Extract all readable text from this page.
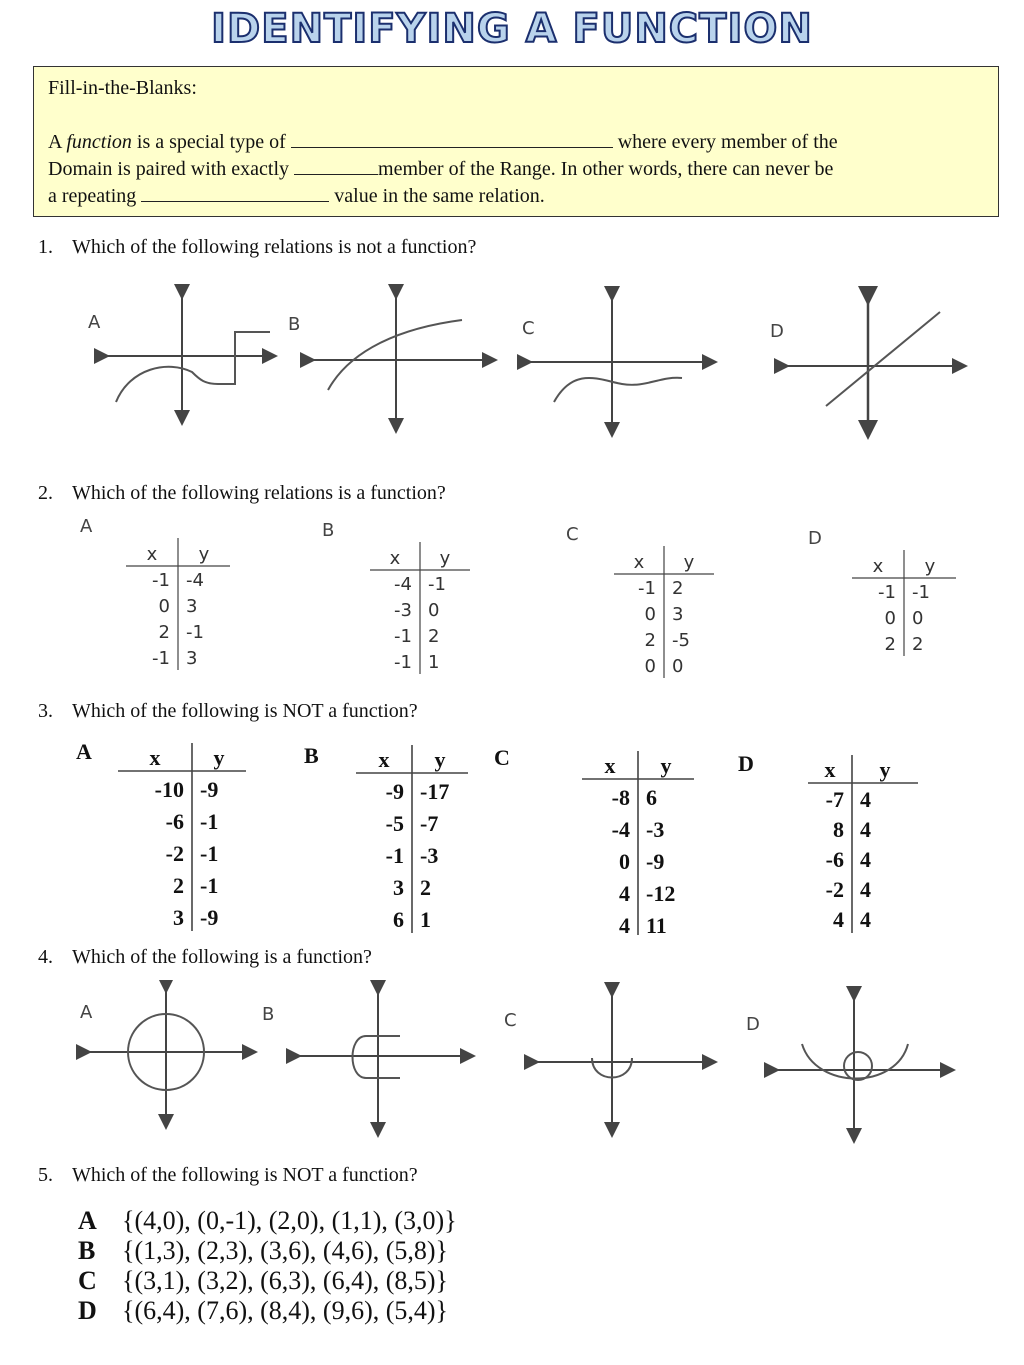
IDENTIFYING A FUNCTION
Fill-in-the-Blanks:
A function is a special type of	where every member of the
Domain is paired with exactly	member of the Range. In other words, there can never be
a repeating	value in the same relation.
1. Which of the following relations is not a function?
A	B	C	D
2. Which of the following relations is a function?
A
x y
-1 -4
0 3
2 -1
-1 3
B
x y
-4 -1
-3 0
-1 2
-1 1
C
x y
-1 2
0 3
2 -5
0 0
D
x y
-1 -1
0 0
2 2
3. Which of the following is NOT a function?
A	x y
-10 -9
-6 -1
-2 -1
2 -1
3 -9
B	x y
-9 -17
-5 -7
-1 -3
3 2
6 1
C	x y
-8 6
-4 -3
0 -9
4 -12
4 11
D	x y
-7 4
8 4
-6 4
-2 4
4 4
4. Which of the following is a function?
A	B	C	D
5. Which of the following is NOT a function?
A {(4,0), (0,-1), (2,0), (1,1), (3,0)}
B {(1,3), (2,3), (3,6), (4,6), (5,8)}
C {(3,1), (3,2), (6,3), (6,4), (8,5)}
D {(6,4), (7,6), (8,4), (9,6), (5,4)}
